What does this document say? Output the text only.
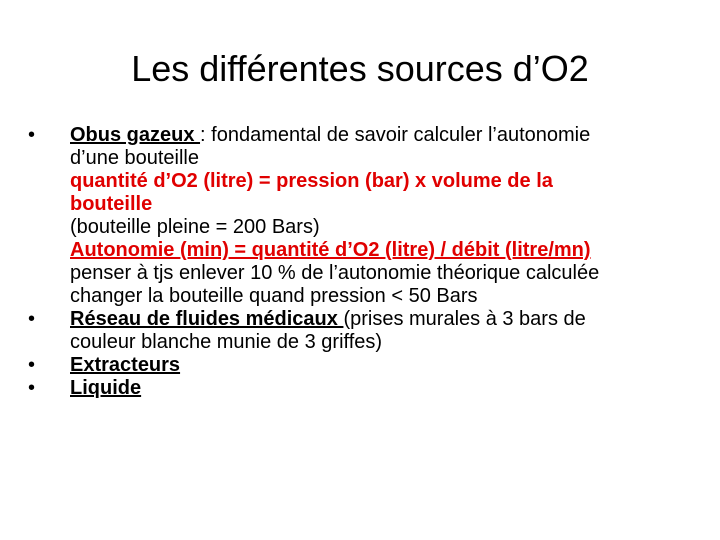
Les différentes sources d’O2
•	Obus gazeux : fondamental de savoir calculer l’autonomie
d’une bouteille
quantité d’O2 (litre) = pression (bar) x volume de la
bouteille
(bouteille pleine = 200 Bars)
Autonomie (min) = quantité d’O2 (litre) / débit (litre/mn)
penser à tjs enlever 10 % de l’autonomie théorique calculée
changer la bouteille quand pression < 50 Bars
•	Réseau de fluides médicaux (prises murales à 3 bars de
couleur blanche munie de 3 griffes)
•	Extracteurs
•	Liquide
